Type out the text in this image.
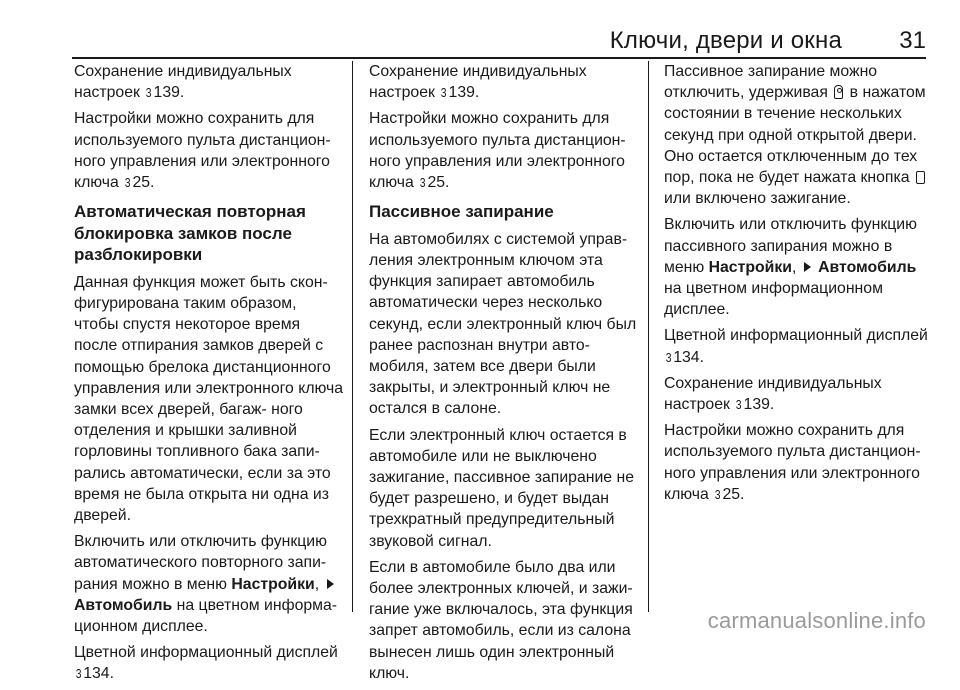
Ключи, двери и окна 31

Сохранение индивидуальных настроек 3 139.

Настройки можно сохранить для используемого пульта дистанцион- ного управления или электронного ключа 3 25.

Автоматическая повторная блокировка замков после разблокировки

Данная функция может быть скон- фигурирована таким образом, чтобы спустя некоторое время после отпирания замков дверей с помощью брелока дистанционного управления или электронного ключа замки всех дверей, багаж- ного отделения и крышки заливной горловины топливного бака запи- рались автоматически, если за это время не была открыта ни одна из дверей.

Включить или отключить функцию автоматического повторного запи- рания можно в меню Настройки,  Автомобиль на цветном информа- ционном дисплее.

Цветной информационный дисплей 3 134.

Сохранение индивидуальных настроек 3 139.

Настройки можно сохранить для используемого пульта дистанцион- ного управления или электронного ключа 3 25.

Пассивное запирание

На автомобилях с системой управ- ления электронным ключом эта функция запирает автомобиль автоматически через несколько секунд, если электронный ключ был ранее распознан внутри авто- мобиля, затем все двери были закрыты, и электронный ключ не остался в салоне.

Если электронный ключ остается в автомобиле или не выключено зажигание, пассивное запирание не будет разрешено, и будет выдан трехкратный предупредительный звуковой сигнал.

Если в автомобиле было два или более электронных ключей, и зажи- гание уже включалось, эта функция запрет автомобиль, если из салона вынесен лишь один электронный ключ.

Пассивное запирание можно отключить, удерживая в нажатом состоянии в течение нескольких секунд при одной открытой двери. Оно остается отключенным до тех пор, пока не будет нажата кнопка  или включено зажигание.

Включить или отключить функцию пассивного запирания можно в меню Настройки,  Автомобиль на цветном информационном дисплее.

Цветной информационный дисплей 3 134.

Сохранение индивидуальных настроек 3 139.

Настройки можно сохранить для используемого пульта дистанцион- ного управления или электронного ключа 3 25.

carmanualsonline.info
